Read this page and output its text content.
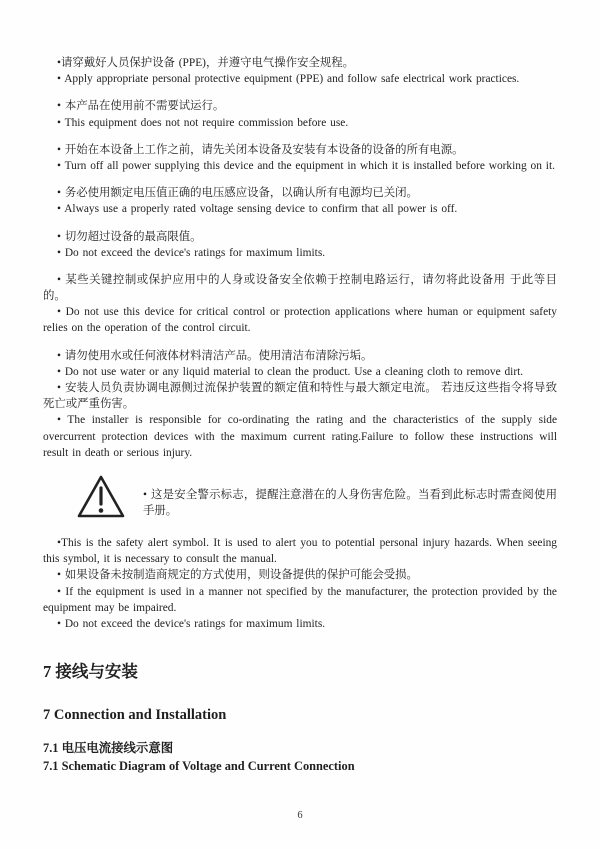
•请穿戴好人员保护设备 (PPE)，并遵守电气操作安全规程。

• Apply appropriate personal protective equipment (PPE) and follow safe electrical work practices.

• 本产品在使用前不需要试运行。

• This equipment does not not require commission before use.

• 开始在本设备上工作之前，请先关闭本设备及安装有本设备的设备的所有电源。

• Turn off all power supplying this device and the equipment in which it is installed before working on it.

• 务必使用额定电压值正确的电压感应设备，以确认所有电源均已关闭。

• Always use a properly rated voltage sensing device to confirm that all power is off.

• 切勿超过设备的最高限值。

• Do not exceed the device's ratings for maximum limits.

• 某些关键控制或保护应用中的人身或设备安全依赖于控制电路运行，请勿将此设备用 于此等目的。

• Do not use this device for critical control or protection applications where human or equipment safety relies on the operation of the control circuit.

• 请勿使用水或任何液体材料清洁产品。使用清洁布清除污垢。

• Do not use water or any liquid material to clean the product. Use a cleaning cloth to remove dirt.

• 安装人员负责协调电源侧过流保护装置的额定值和特性与最大额定电流。 若违反这些指令将导致死亡或严重伤害。

• The installer is responsible for co-ordinating the rating and the characteristics of the supply side overcurrent protection devices with the maximum current rating.Failure to follow these instructions will result in death or serious injury.

• 这是安全警示标志，提醒注意潜在的人身伤害危险。当看到此标志时需查阅使用手册。

•This is the safety alert symbol. It is used to alert you to potential personal injury hazards. When seeing this symbol, it is necessary to consult the manual.

• 如果设备未按制造商规定的方式使用，则设备提供的保护可能会受损。

• If the equipment is used in a manner not specified by the manufacturer, the protection provided by the equipment may be impaired.

• Do not exceed the device's ratings for maximum limits.

7 接线与安装
7 Connection and Installation
7.1 电压电流接线示意图
7.1 Schematic Diagram of Voltage and Current Connection
6
